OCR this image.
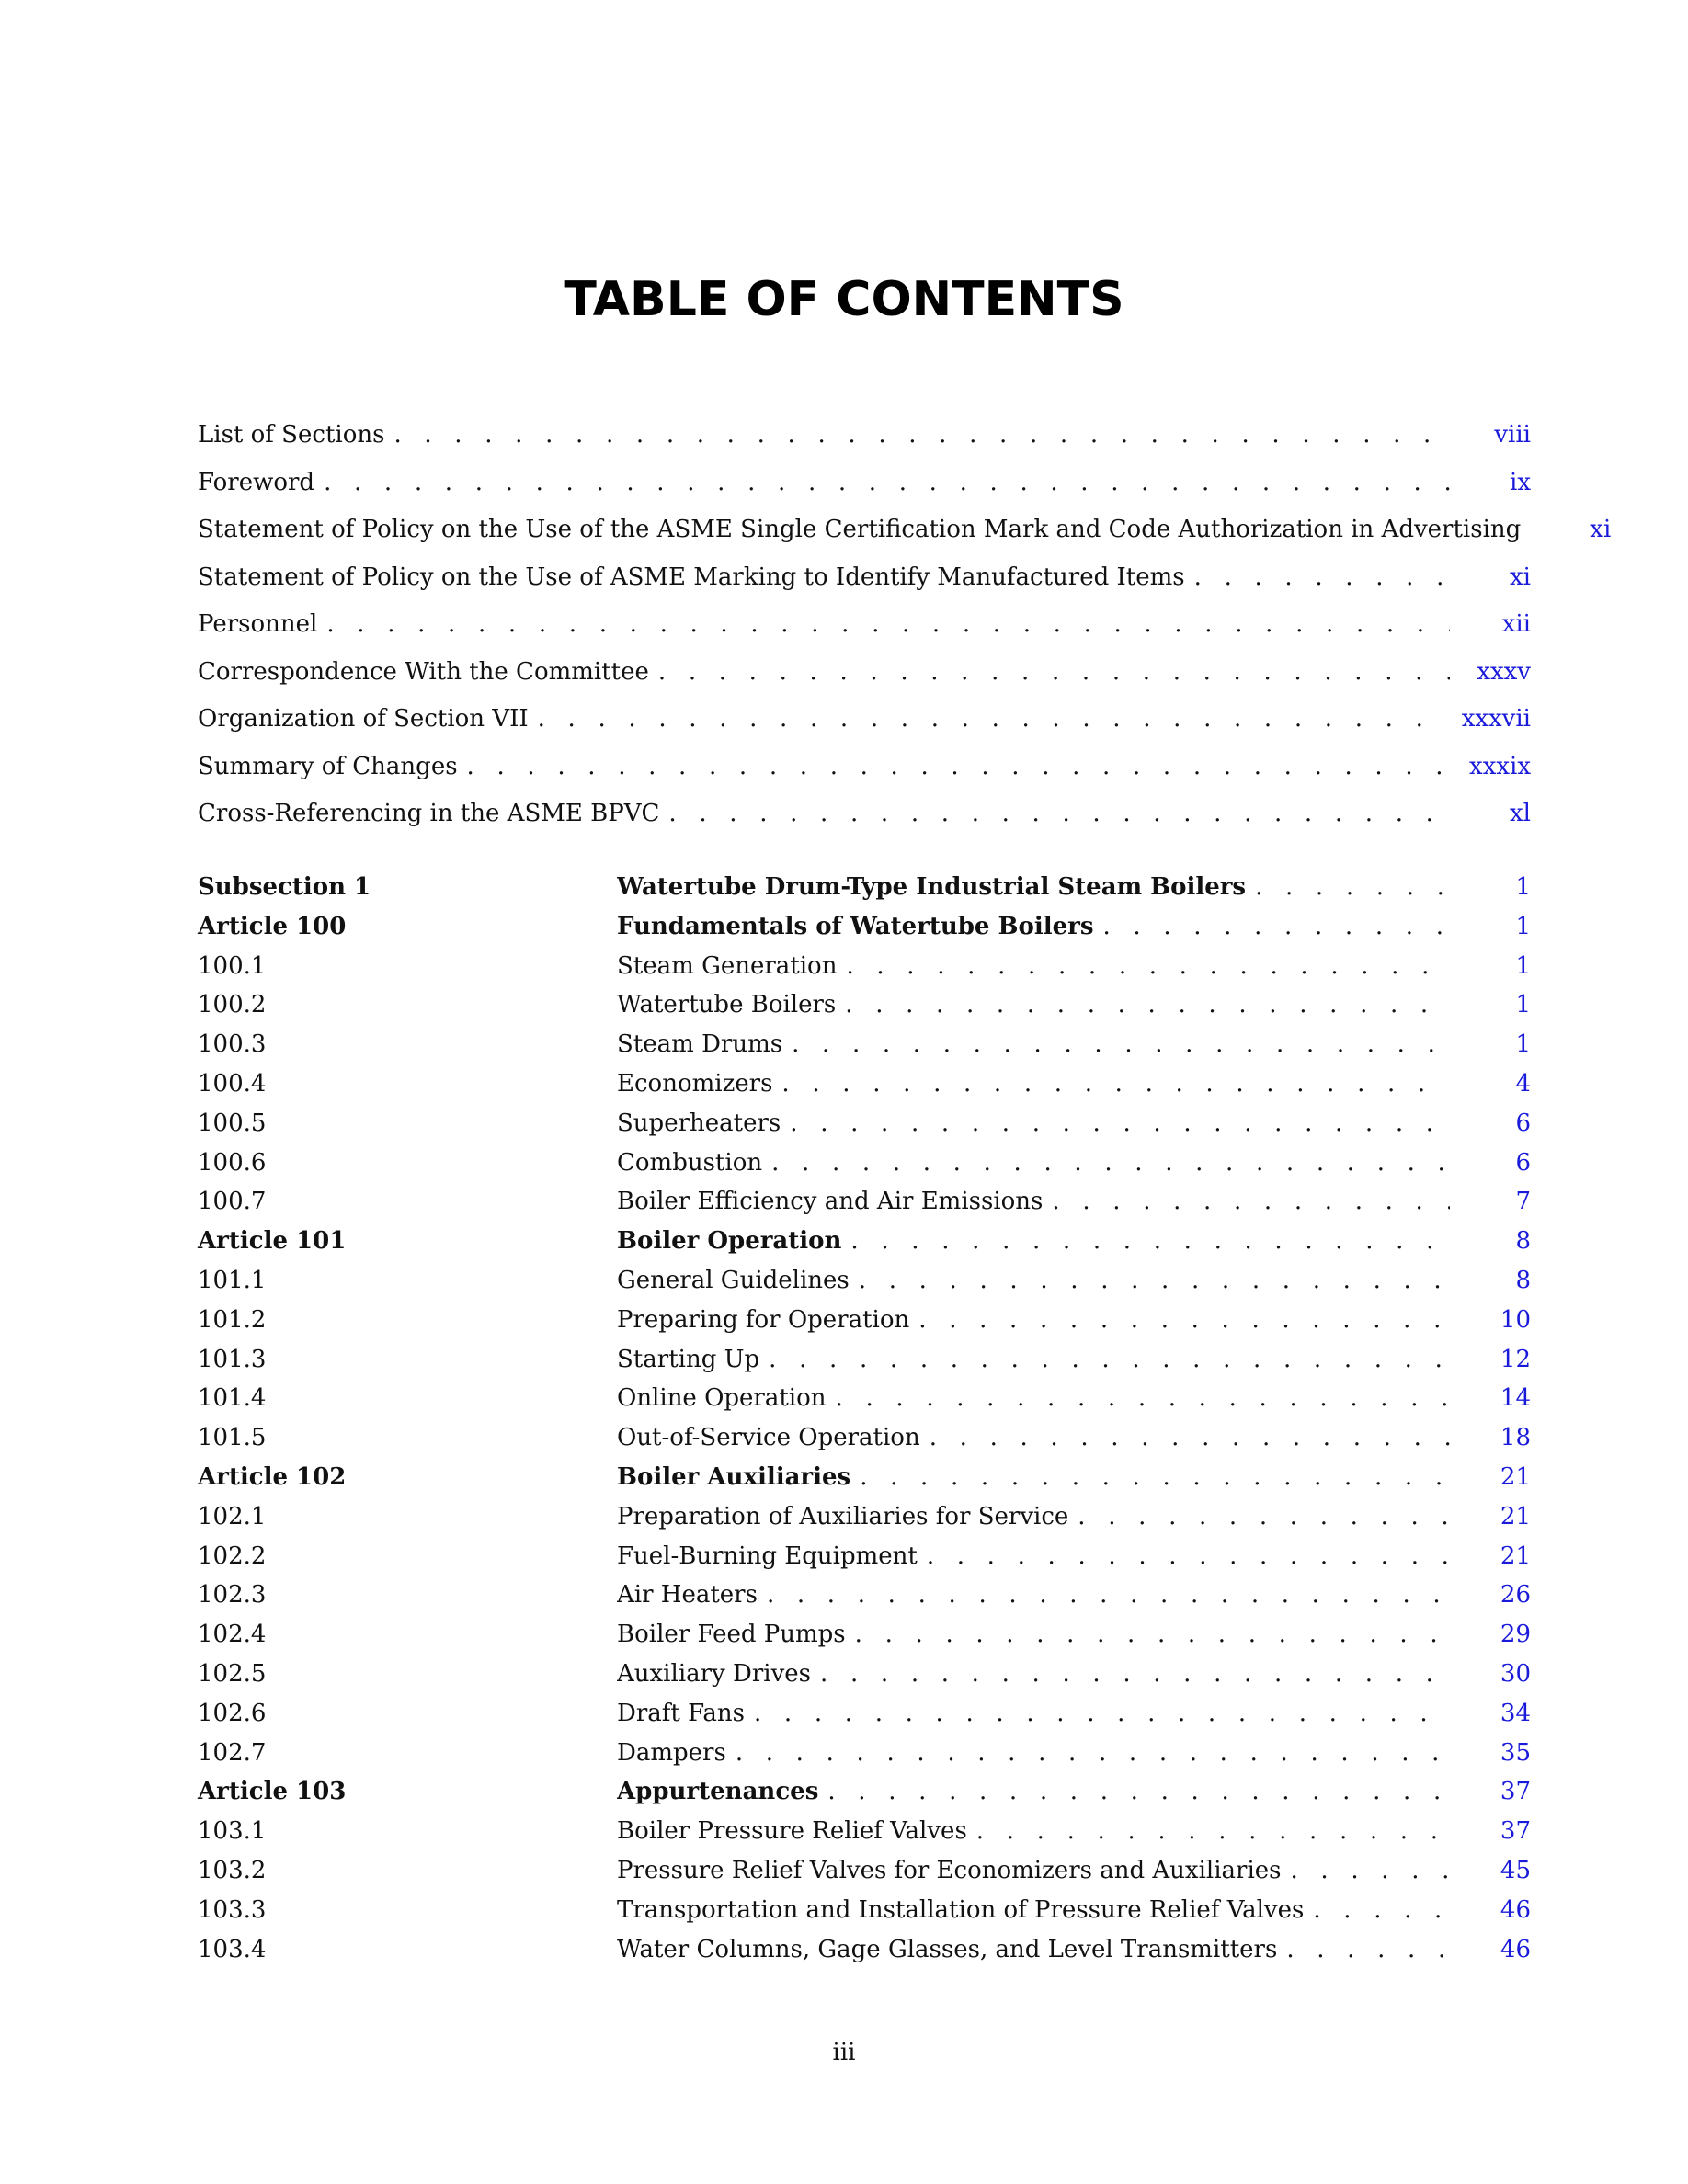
TABLE OF CONTENTS
List of Sections . . .	viii
Foreword . . .	ix
Statement of Policy on the Use of the ASME Single Certification Mark and Code Authorization in Advertising	xi
Statement of Policy on the Use of ASME Marking to Identify Manufactured Items . . .	xi
Personnel . . .	xii
Correspondence With the Committee . . .	xxxv
Organization of Section VII . . .	xxxvii
Summary of Changes . . .	xxxix
Cross-Referencing in the ASME BPVC . . .	xl
Subsection 1	Watertube Drum-Type Industrial Steam Boilers . . .	1
Article 100	Fundamentals of Watertube Boilers . . .	1
100.1	Steam Generation . . .	1
100.2	Watertube Boilers . . .	1
100.3	Steam Drums . . .	1
100.4	Economizers . . .	4
100.5	Superheaters . . .	6
100.6	Combustion . . .	6
100.7	Boiler Efficiency and Air Emissions . . .	7
Article 101	Boiler Operation . . .	8
101.1	General Guidelines . . .	8
101.2	Preparing for Operation . . .	10
101.3	Starting Up . . .	12
101.4	Online Operation . . .	14
101.5	Out-of-Service Operation . . .	18
Article 102	Boiler Auxiliaries . . .	21
102.1	Preparation of Auxiliaries for Service . . .	21
102.2	Fuel-Burning Equipment . . .	21
102.3	Air Heaters . . .	26
102.4	Boiler Feed Pumps . . .	29
102.5	Auxiliary Drives . . .	30
102.6	Draft Fans . . .	34
102.7	Dampers . . .	35
Article 103	Appurtenances . . .	37
103.1	Boiler Pressure Relief Valves . . .	37
103.2	Pressure Relief Valves for Economizers and Auxiliaries . . .	45
103.3	Transportation and Installation of Pressure Relief Valves . . .	46
103.4	Water Columns, Gage Glasses, and Level Transmitters . . .	46
iii
